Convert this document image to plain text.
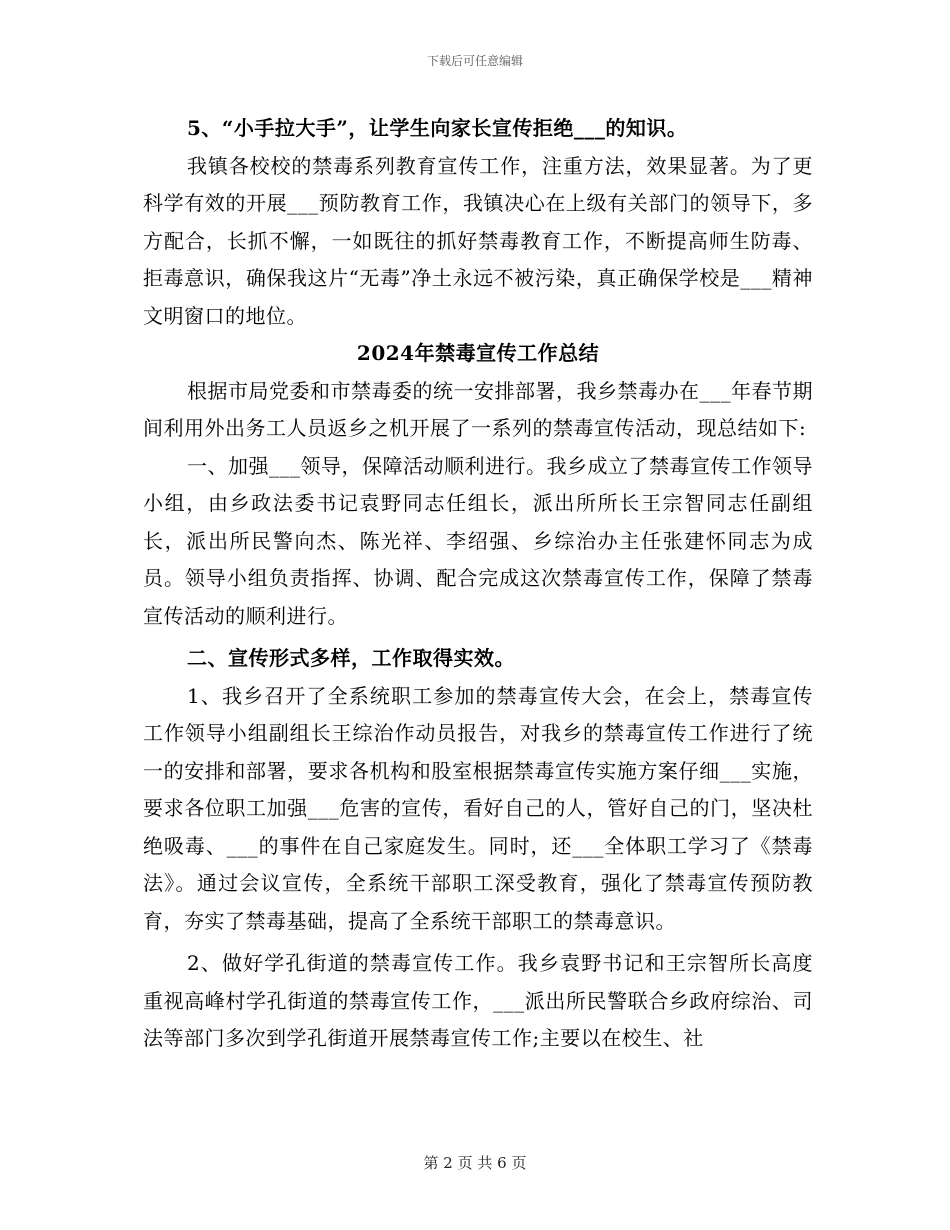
下载后可任意编辑

5、“小手拉大手”，让学生向家长宣传拒绝___的知识。

我镇各校校的禁毒系列教育宣传工作，注重方法，效果显著。为了更科学有效的开展___预防教育工作，我镇决心在上级有关部门的领导下，多方配合，长抓不懈，一如既往的抓好禁毒教育工作，不断提高师生防毒、拒毒意识，确保我这片“无毒”净土永远不被污染，真正确保学校是___精神文明窗口的地位。

2024年禁毒宣传工作总结

根据市局党委和市禁毒委的统一安排部署，我乡禁毒办在___年春节期间利用外出务工人员返乡之机开展了一系列的禁毒宣传活动，现总结如下:

一、加强___领导，保障活动顺利进行。我乡成立了禁毒宣传工作领导小组，由乡政法委书记袁野同志任组长，派出所所长王宗智同志任副组长，派出所民警向杰、陈光祥、李绍强、乡综治办主任张建怀同志为成员。领导小组负责指挥、协调、配合完成这次禁毒宣传工作，保障了禁毒宣传活动的顺利进行。

二、宣传形式多样，工作取得实效。

1、我乡召开了全系统职工参加的禁毒宣传大会，在会上，禁毒宣传工作领导小组副组长王综治作动员报告，对我乡的禁毒宣传工作进行了统一的安排和部署，要求各机构和股室根据禁毒宣传实施方案仔细___实施，要求各位职工加强___危害的宣传，看好自己的人，管好自己的门，坚决杜绝吸毒、___的事件在自己家庭发生。同时，还___全体职工学习了《禁毒法》。通过会议宣传，全系统干部职工深受教育，强化了禁毒宣传预防教育，夯实了禁毒基础，提高了全系统干部职工的禁毒意识。

2、做好学孔街道的禁毒宣传工作。我乡袁野书记和王宗智所长高度重视高峰村学孔街道的禁毒宣传工作，___派出所民警联合乡政府综治、司法等部门多次到学孔街道开展禁毒宣传工作;主要以在校生、社

第 2 页 共 6 页
